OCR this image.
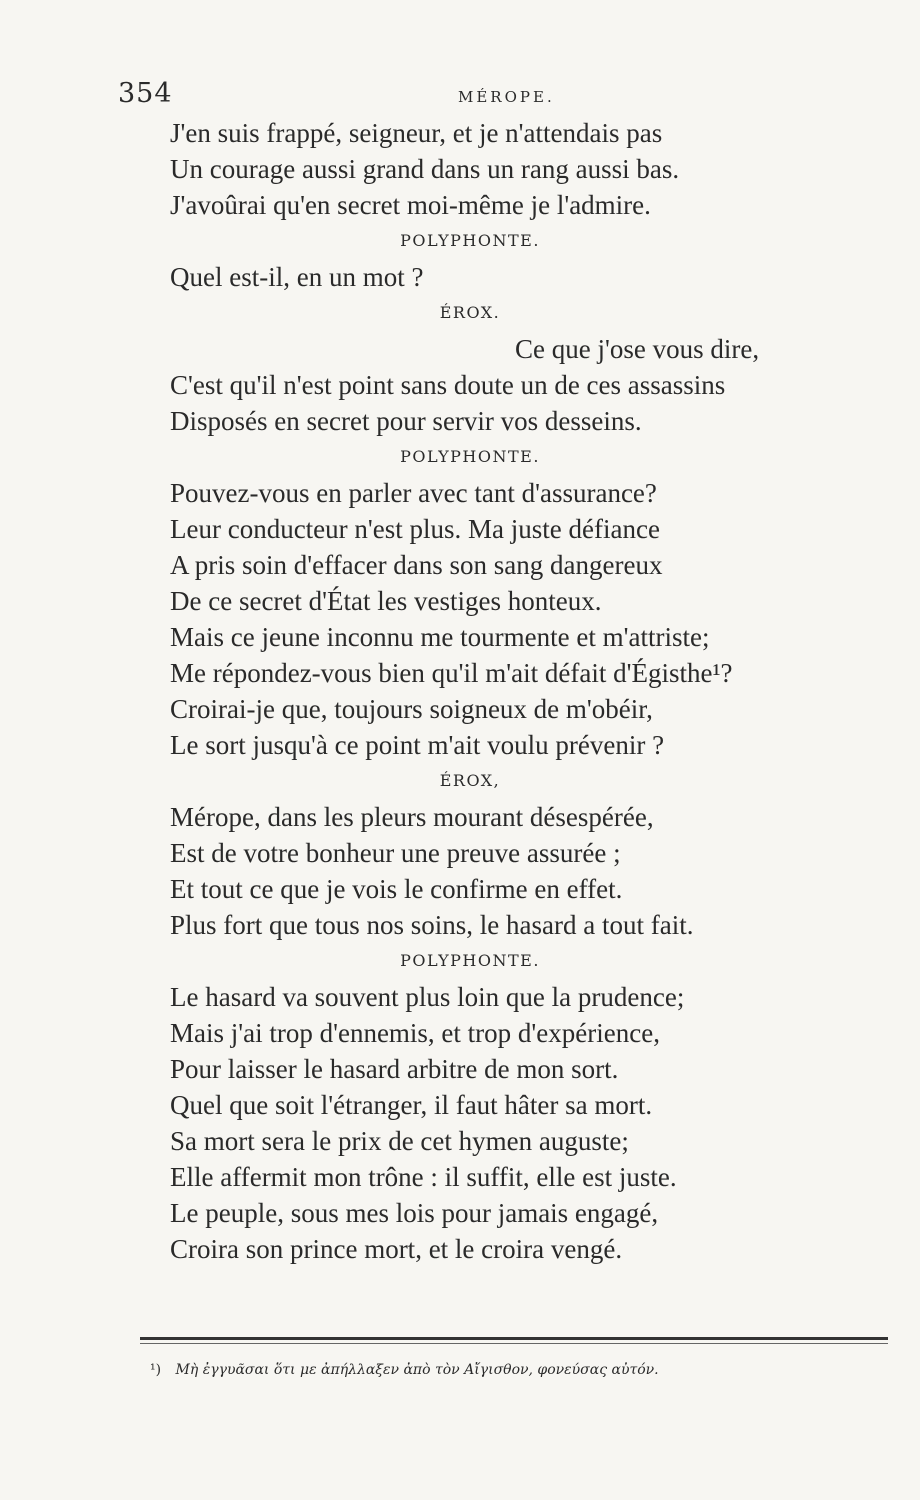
354	MÉROPE.
J'en suis frappé, seigneur, et je n'attendais pas
Un courage aussi grand dans un rang aussi bas.
J'avoûrai qu'en secret moi-même je l'admire.
POLYPHONTE.
Quel est-il, en un mot ?
ÉROX.
Ce que j'ose vous dire,
C'est qu'il n'est point sans doute un de ces assassins
Disposés en secret pour servir vos desseins.
POLYPHONTE.
Pouvez-vous en parler avec tant d'assurance?
Leur conducteur n'est plus. Ma juste défiance
A pris soin d'effacer dans son sang dangereux
De ce secret d'État les vestiges honteux.
Mais ce jeune inconnu me tourmente et m'attriste;
Me répondez-vous bien qu'il m'ait défait d'Égisthe¹?
Croirai-je que, toujours soigneux de m'obéir,
Le sort jusqu'à ce point m'ait voulu prévenir ?
ÉROX,
Mérope, dans les pleurs mourant désespérée,
Est de votre bonheur une preuve assurée ;
Et tout ce que je vois le confirme en effet.
Plus fort que tous nos soins, le hasard a tout fait.
POLYPHONTE.
Le hasard va souvent plus loin que la prudence;
Mais j'ai trop d'ennemis, et trop d'expérience,
Pour laisser le hasard arbitre de mon sort.
Quel que soit l'étranger, il faut hâter sa mort.
Sa mort sera le prix de cet hymen auguste;
Elle affermit mon trône : il suffit, elle est juste.
Le peuple, sous mes lois pour jamais engagé,
Croira son prince mort, et le croira vengé.
¹) Μὴ ἐγγυᾶσαι ὅτι με ἀπήλλαξεν ἀπὸ τὸν Αἴγισθον, φονεύσας αὐτόν.
